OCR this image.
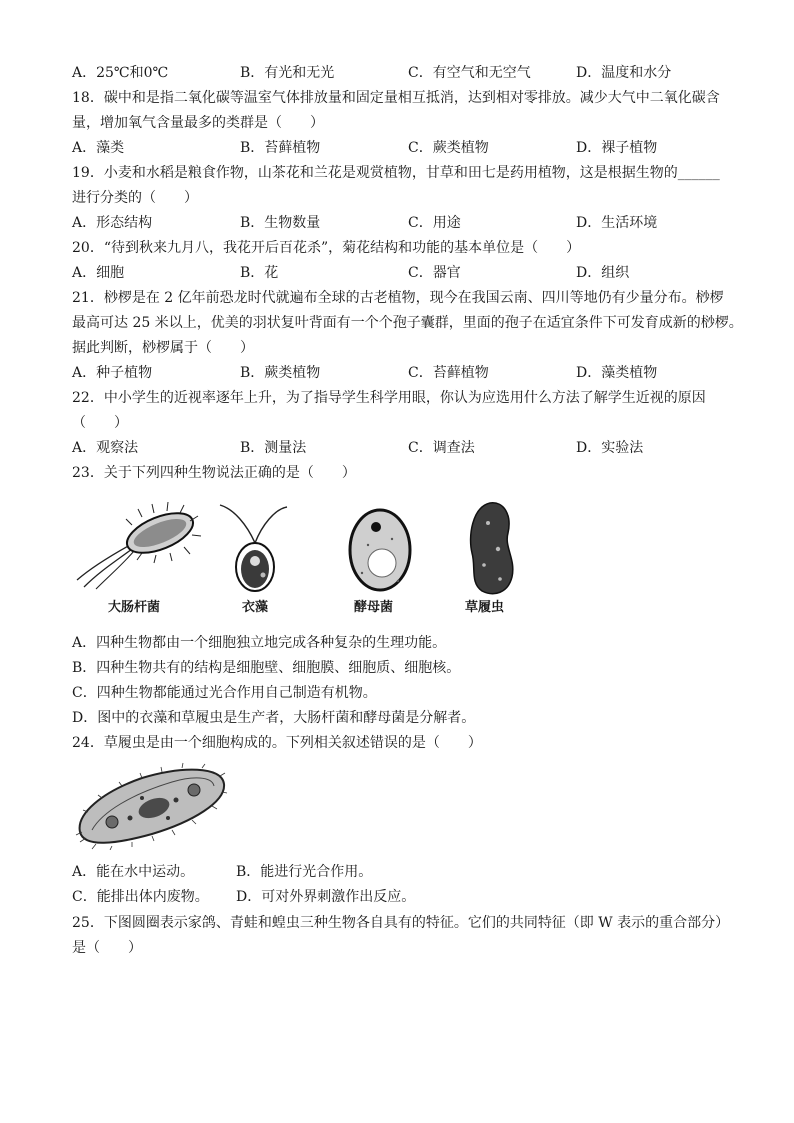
A．25℃和0℃	B．有光和无光	C．有空气和无空气	D．温度和水分
18．碳中和是指二氧化碳等温室气体排放量和固定量相互抵消，达到相对零排放。减少大气中二氧化碳含
量，增加氧气含量最多的类群是（　　）
A．藻类	B．苔藓植物	C．蕨类植物	D．裸子植物
19．小麦和水稻是粮食作物，山茶花和兰花是观赏植物，甘草和田七是药用植物，这是根据生物的______
进行分类的（　　）
A．形态结构	B．生物数量	C．用途	D．生活环境
20．“待到秋来九月八，我花开后百花杀”，菊花结构和功能的基本单位是（　　）
A．细胞	B．花	C．器官	D．组织
21．桫椤是在 2 亿年前恐龙时代就遍布全球的古老植物，现今在我国云南、四川等地仍有少量分布。桫椤
最高可达 25 米以上，优美的羽状复叶背面有一个个孢子囊群，里面的孢子在适宜条件下可发育成新的桫椤。
据此判断，桫椤属于（　　）
A．种子植物	B．蕨类植物	C．苔藓植物	D．藻类植物
22．中小学生的近视率逐年上升，为了指导学生科学用眼，你认为应选用什么方法了解学生近视的原因
（　　）
A．观察法	B．测量法	C．调查法	D．实验法
23．关于下列四种生物说法正确的是（　　）
大肠杆菌	衣藻	酵母菌	草履虫
A．四种生物都由一个细胞独立地完成各种复杂的生理功能。
B．四种生物共有的结构是细胞壁、细胞膜、细胞质、细胞核。
C．四种生物都能通过光合作用自己制造有机物。
D．图中的衣藻和草履虫是生产者，大肠杆菌和酵母菌是分解者。
24．草履虫是由一个细胞构成的。下列相关叙述错误的是（　　）
A．能在水中运动。	B．能进行光合作用。
C．能排出体内废物。 D．可对外界刺激作出反应。
25．下图圆圈表示家鸽、青蛙和蝗虫三种生物各自具有的特征。它们的共同特征（即 W 表示的重合部分）
是（　　）
